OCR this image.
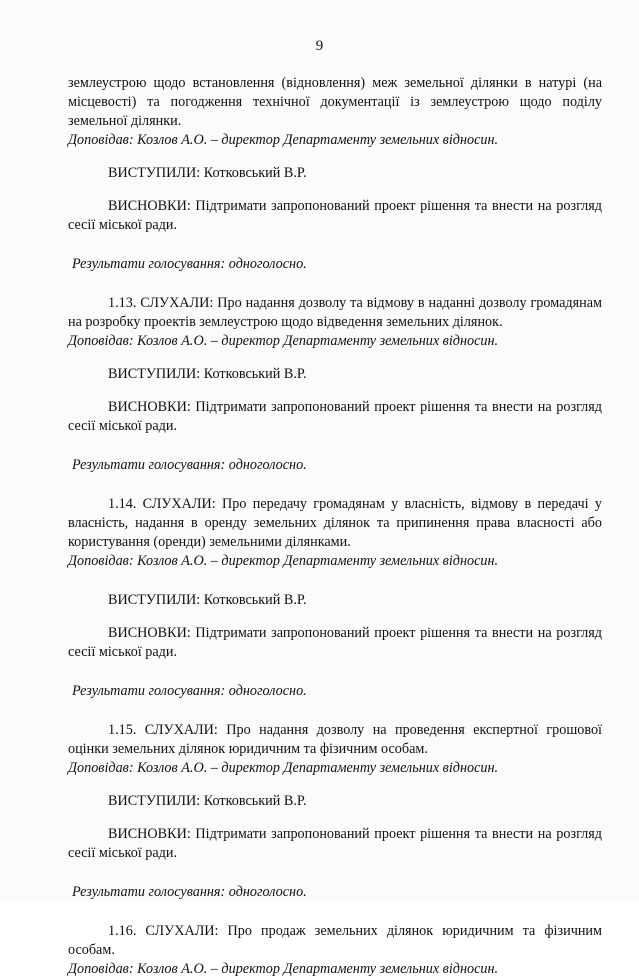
9

землеустрою щодо встановлення (відновлення) меж земельної ділянки в натурі (на місцевості) та погодження технічної документації із землеустрою щодо поділу земельної ділянки.

Доповідав: Козлов А.О. – директор Департаменту земельних відносин.

ВИСТУПИЛИ: Котковський В.Р.

ВИСНОВКИ: Підтримати запропонований проект рішення та внести на розгляд сесії міської ради.

Результати голосування: одноголосно.

1.13. СЛУХАЛИ: Про надання дозволу та відмову в наданні дозволу громадянам на розробку проектів землеустрою щодо відведення земельних ділянок.

Доповідав: Козлов А.О. – директор Департаменту земельних відносин.

ВИСТУПИЛИ: Котковський В.Р.

ВИСНОВКИ: Підтримати запропонований проект рішення та внести на розгляд сесії міської ради.

Результати голосування: одноголосно.

1.14. СЛУХАЛИ: Про передачу громадянам у власність, відмову в передачі у власність, надання в оренду земельних ділянок та припинення права власності або користування (оренди) земельними ділянками.

Доповідав: Козлов А.О. – директор Департаменту земельних відносин.

ВИСТУПИЛИ: Котковський В.Р.

ВИСНОВКИ: Підтримати запропонований проект рішення та внести на розгляд сесії міської ради.

Результати голосування: одноголосно.

1.15. СЛУХАЛИ: Про надання дозволу на проведення експертної грошової оцінки земельних ділянок юридичним та фізичним особам.

Доповідав: Козлов А.О. – директор Департаменту земельних відносин.

ВИСТУПИЛИ: Котковський В.Р.

ВИСНОВКИ: Підтримати запропонований проект рішення та внести на розгляд сесії міської ради.

Результати голосування: одноголосно.

1.16. СЛУХАЛИ: Про продаж земельних ділянок юридичним та фізичним особам.

Доповідав: Козлов А.О. – директор Департаменту земельних відносин.
